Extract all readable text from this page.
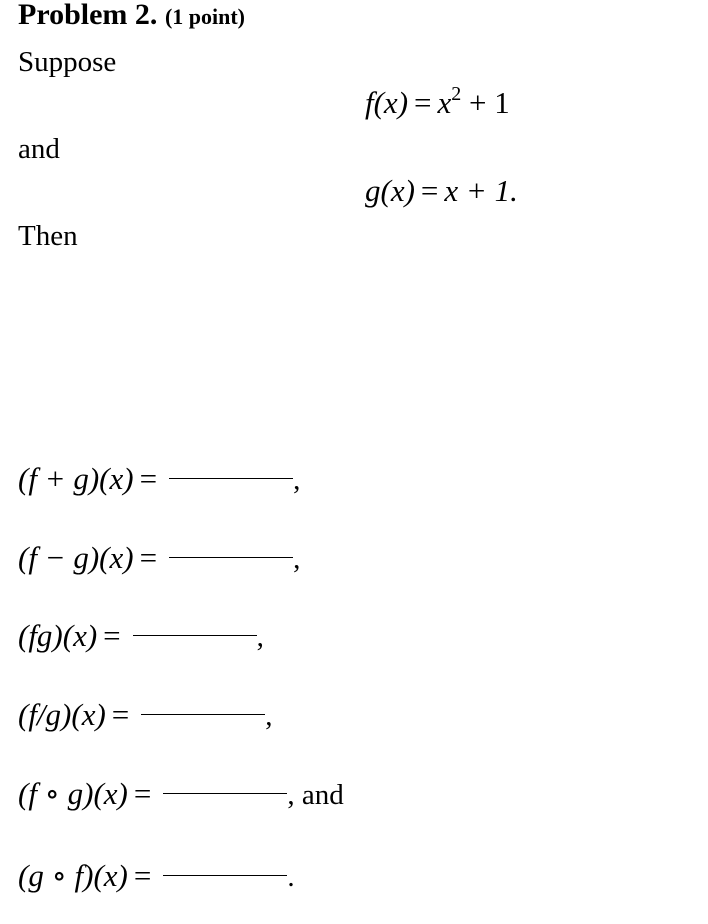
Problem 2. (1 point)
Suppose
$f(x) = x^2 + 1$
and
g(x) = x + 1.
Then
(f + g)(x) =	,
(f − g)(x) =	,
(fg)(x) =	,
(f/g)(x) =	,
(f ∘ g)(x) =	, and
(g ∘ f)(x) =	.
